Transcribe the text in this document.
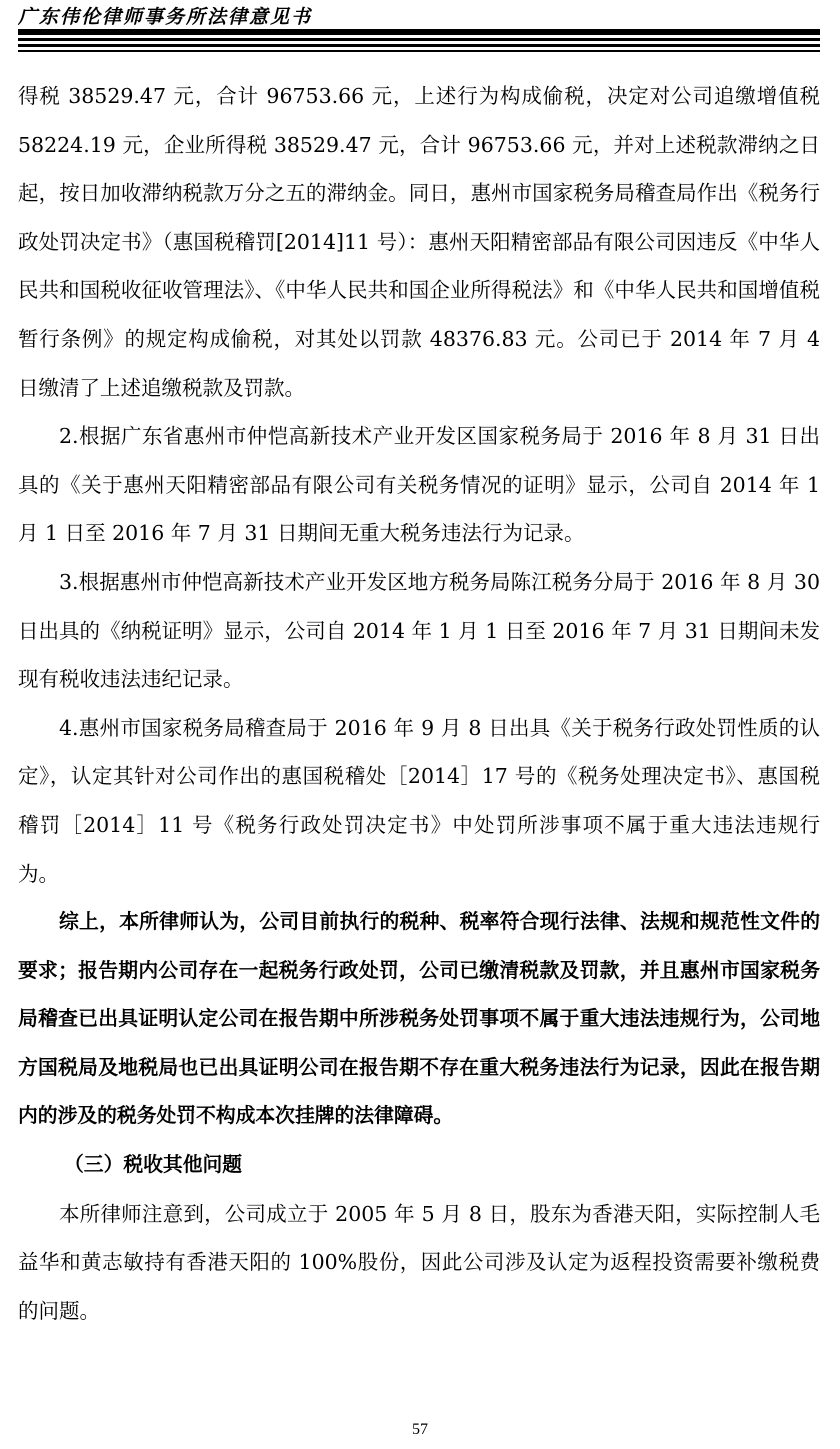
广东伟伦律师事务所法律意见书

得税 38529.47 元，合计 96753.66 元，上述行为构成偷税，决定对公司追缴增值税 58224.19 元，企业所得税 38529.47 元，合计 96753.66 元，并对上述税款滞纳之日起，按日加收滞纳税款万分之五的滞纳金。同日，惠州市国家税务局稽查局作出《税务行政处罚决定书》（惠国税稽罚[2014]11 号）：惠州天阳精密部品有限公司因违反《中华人民共和国税收征收管理法》、《中华人民共和国企业所得税法》和《中华人民共和国增值税暂行条例》的规定构成偷税，对其处以罚款 48376.83 元。公司已于 2014 年 7 月 4 日缴清了上述追缴税款及罚款。

2.根据广东省惠州市仲恺高新技术产业开发区国家税务局于 2016 年 8 月 31 日出具的《关于惠州天阳精密部品有限公司有关税务情况的证明》显示，公司自 2014 年 1 月 1 日至 2016 年 7 月 31 日期间无重大税务违法行为记录。

3.根据惠州市仲恺高新技术产业开发区地方税务局陈江税务分局于 2016 年 8 月 30 日出具的《纳税证明》显示，公司自 2014 年 1 月 1 日至 2016 年 7 月 31 日期间未发现有税收违法违纪记录。

4.惠州市国家税务局稽查局于 2016 年 9 月 8 日出具《关于税务行政处罚性质的认定》，认定其针对公司作出的惠国税稽处［2014］17 号的《税务处理决定书》、惠国税稽罚［2014］11 号《税务行政处罚决定书》中处罚所涉事项不属于重大违法违规行为。

综上，本所律师认为，公司目前执行的税种、税率符合现行法律、法规和规范性文件的要求；报告期内公司存在一起税务行政处罚，公司已缴清税款及罚款，并且惠州市国家税务局稽查已出具证明认定公司在报告期中所涉税务处罚事项不属于重大违法违规行为，公司地方国税局及地税局也已出具证明公司在报告期不存在重大税务违法行为记录，因此在报告期内的涉及的税务处罚不构成本次挂牌的法律障碍。

（三）税收其他问题

本所律师注意到，公司成立于 2005 年 5 月 8 日，股东为香港天阳，实际控制人毛益华和黄志敏持有香港天阳的 100%股份，因此公司涉及认定为返程投资需要补缴税费的问题。

57
